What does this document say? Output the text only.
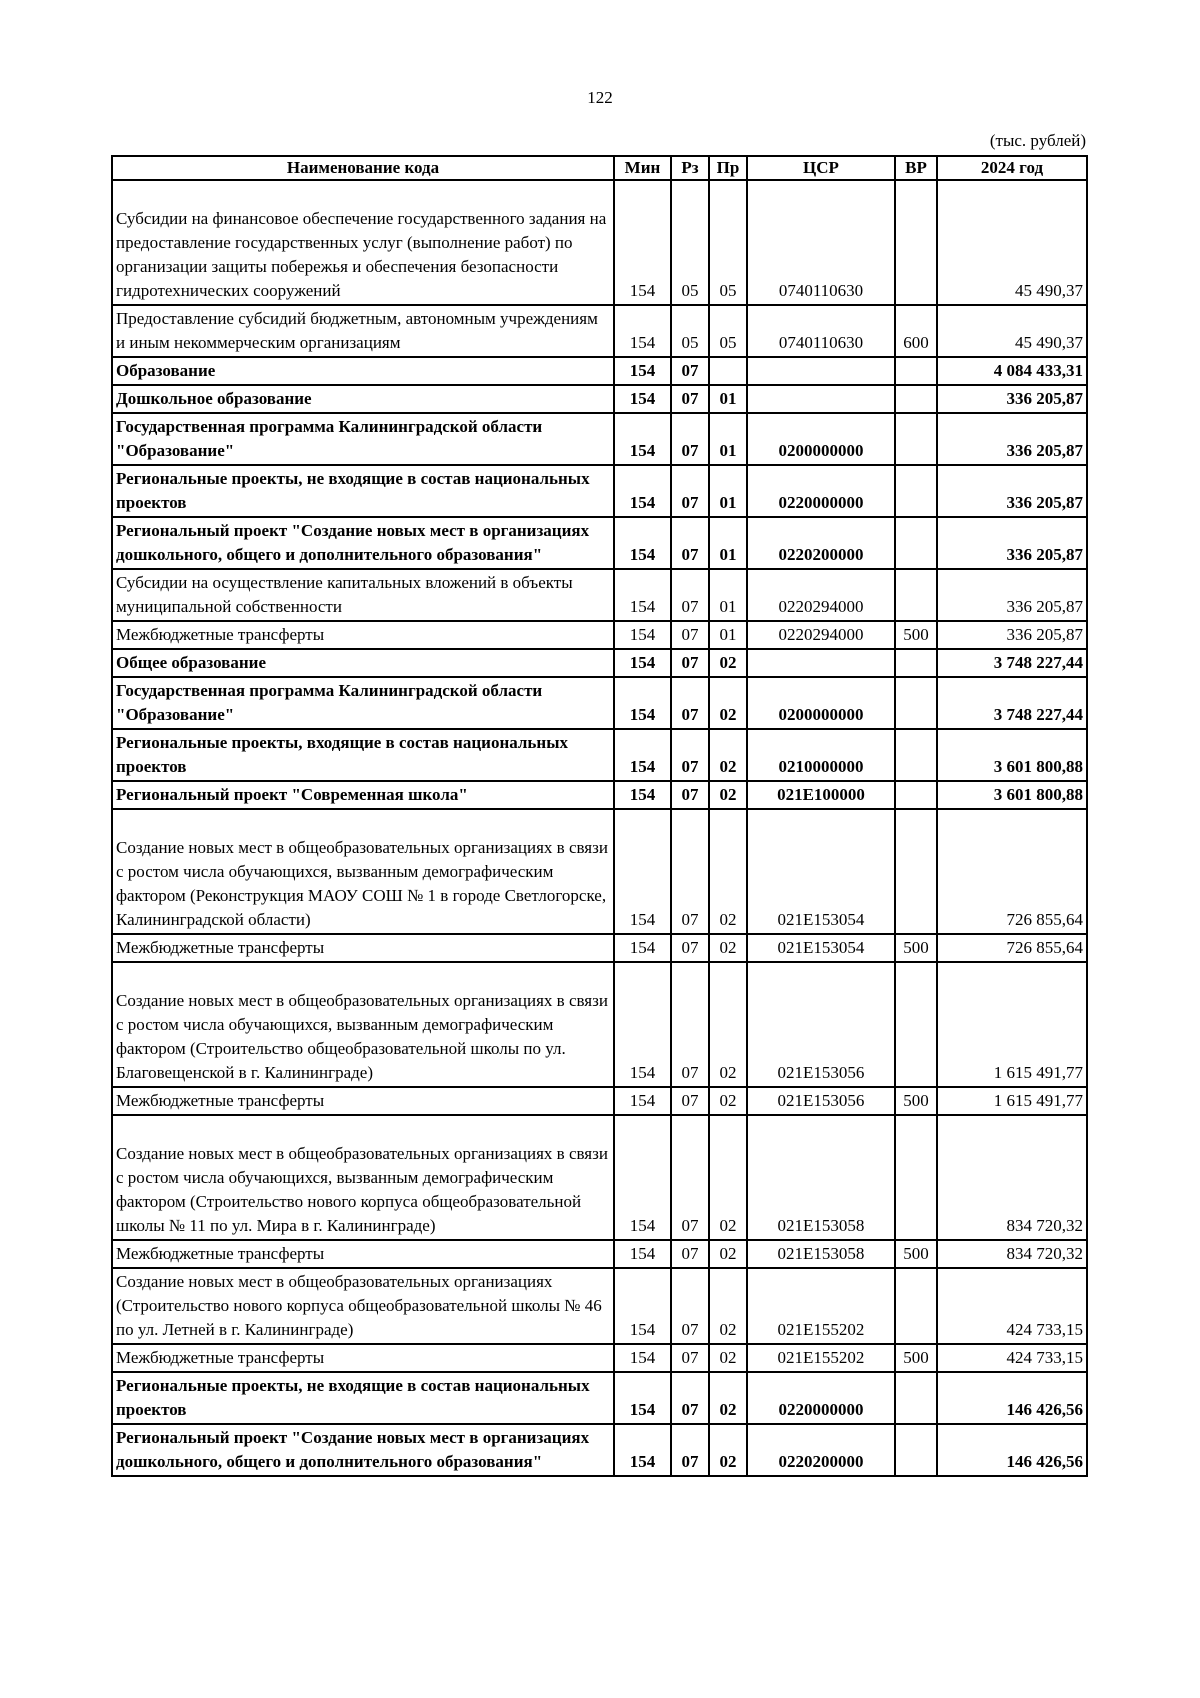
122
(тыс. рублей)
Наименование кода	Мин	Рз	Пр	ЦСР	ВР	2024 год
Субсидии на финансовое обеспечение государственного задания на предоставление государственных услуг (выполнение работ) по организации защиты побережья и обеспечения безопасности гидротехнических сооружений	154	05	05	0740110630		45 490,37
Предоставление субсидий бюджетным, автономным учреждениям и иным некоммерческим организациям	154	05	05	0740110630	600	45 490,37
Образование	154	07				4 084 433,31
Дошкольное образование	154	07	01			336 205,87
Государственная программа Калининградской области "Образование"	154	07	01	0200000000		336 205,87
Региональные проекты, не входящие в состав национальных проектов	154	07	01	0220000000		336 205,87
Региональный проект "Создание новых мест в организациях дошкольного, общего и дополнительного образования"	154	07	01	0220200000		336 205,87
Субсидии на осуществление капитальных вложений в объекты муниципальной собственности	154	07	01	0220294000		336 205,87
Межбюджетные трансферты	154	07	01	0220294000	500	336 205,87
Общее образование	154	07	02			3 748 227,44
Государственная программа Калининградской области "Образование"	154	07	02	0200000000		3 748 227,44
Региональные проекты, входящие в состав национальных проектов	154	07	02	0210000000		3 601 800,88
Региональный проект "Современная школа"	154	07	02	021E100000		3 601 800,88
Создание новых мест в общеобразовательных организациях в связи с ростом числа обучающихся, вызванным демографическим фактором (Реконструкция МАОУ СОШ № 1 в городе Светлогорске, Калининградской области)	154	07	02	021E153054		726 855,64
Межбюджетные трансферты	154	07	02	021E153054	500	726 855,64
Создание новых мест в общеобразовательных организациях в связи с ростом числа обучающихся, вызванным демографическим фактором (Строительство общеобразовательной школы по ул. Благовещенской в г. Калининграде)	154	07	02	021E153056		1 615 491,77
Межбюджетные трансферты	154	07	02	021E153056	500	1 615 491,77
Создание новых мест в общеобразовательных организациях в связи с ростом числа обучающихся, вызванным демографическим фактором (Строительство нового корпуса общеобразовательной школы № 11 по ул. Мира в г. Калининграде)	154	07	02	021E153058		834 720,32
Межбюджетные трансферты	154	07	02	021E153058	500	834 720,32
Создание новых мест в общеобразовательных организациях (Строительство нового корпуса общеобразовательной школы № 46 по ул. Летней в г. Калининграде)	154	07	02	021E155202		424 733,15
Межбюджетные трансферты	154	07	02	021E155202	500	424 733,15
Региональные проекты, не входящие в состав национальных проектов	154	07	02	0220000000		146 426,56
Региональный проект "Создание новых мест в организациях дошкольного, общего и дополнительного образования"	154	07	02	0220200000		146 426,56
